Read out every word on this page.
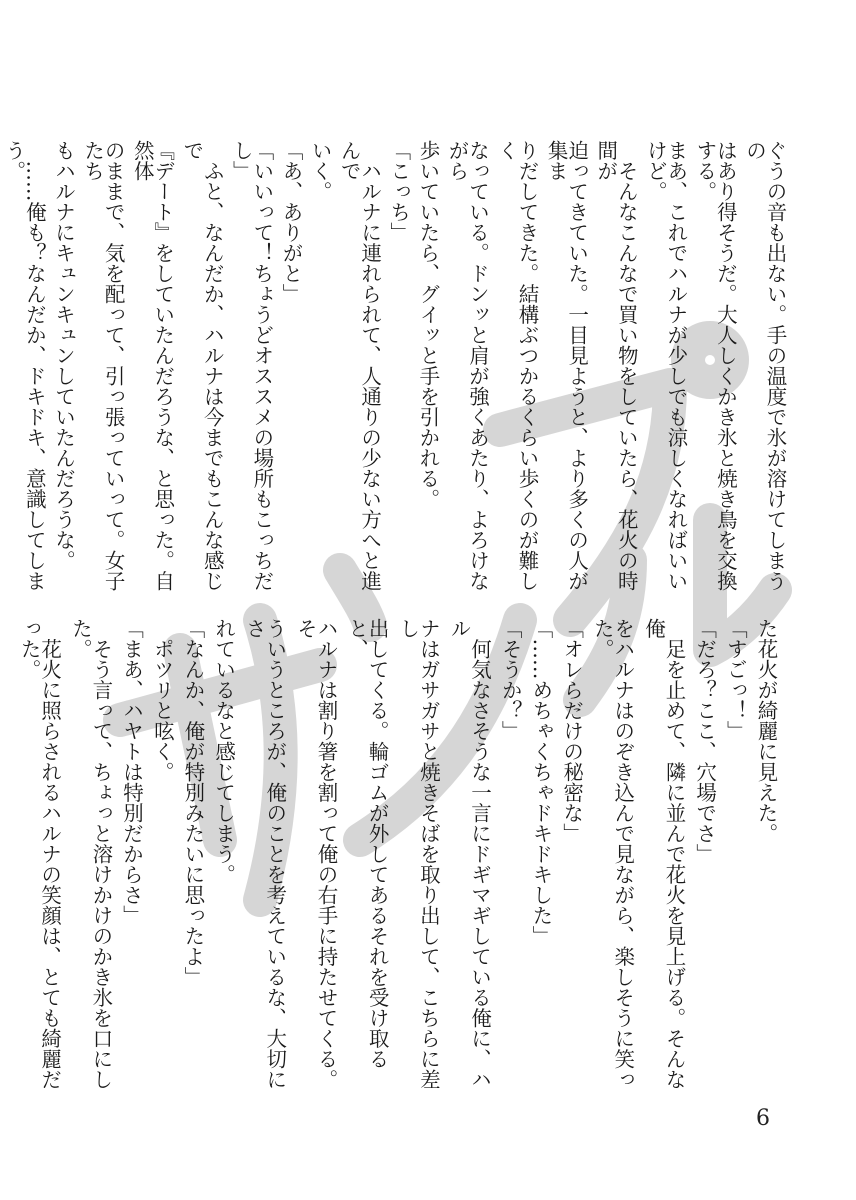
ぐうの音も出ない。手の温度で氷が溶けてしまうの
はあり得そうだ。大人しくかき氷と焼き鳥を交換する。
まあ、これでハルナが少しでも涼しくなればいいけど。
　そんなこんなで買い物をしていたら、花火の時間が
迫ってきていた。一目見ようと、より多くの人が集ま
りだしてきた。結構ぶつかるくらい歩くのが難しく
なっている。ドンッと肩が強くあたり、よろけながら
歩いていたら、グイッと手を引かれる。
「こっち」
　ハルナに連れられて、人通りの少ない方へと進んで
いく。
「あ、ありがと」
「いいって！ちょうどオススメの場所もこっちだし」
　ふと、なんだか、ハルナは今までもこんな感じで
『デート』をしていたんだろうな、と思った。自然体
のままで、気を配って、引っ張っていって。女子たち
もハルナにキュンキュンしていたんだろうな。
　……俺も？なんだか、ドキドキ、意識してしまう。
た花火が綺麗に見えた。
「すごっ！」
「だろ？ここ、穴場でさ」
　足を止めて、隣に並んで花火を見上げる。そんな俺
をハルナはのぞき込んで見ながら、楽しそうに笑った。
「オレらだけの秘密な」
「……めちゃくちゃドキドキした」
「そうか？」
　何気なさそうな一言にドギマギしている俺に、ハル
ナはガサガサと焼きそばを取り出して、こちらに差し
出してくる。輪ゴムが外してあるそれを受け取ると、
ハルナは割り箸を割って俺の右手に持たせてくる。そ
ういうところが、俺のことを考えているな、大切にさ
れているなと感じてしまう。
「なんか、俺が特別みたいに思ったよ」
　ポツリと呟く。
「まあ、ハヤトは特別だからさ」
　そう言って、ちょっと溶けかけのかき氷を口にした。
　花火に照らされるハルナの笑顔は、とても綺麗だった。
6
